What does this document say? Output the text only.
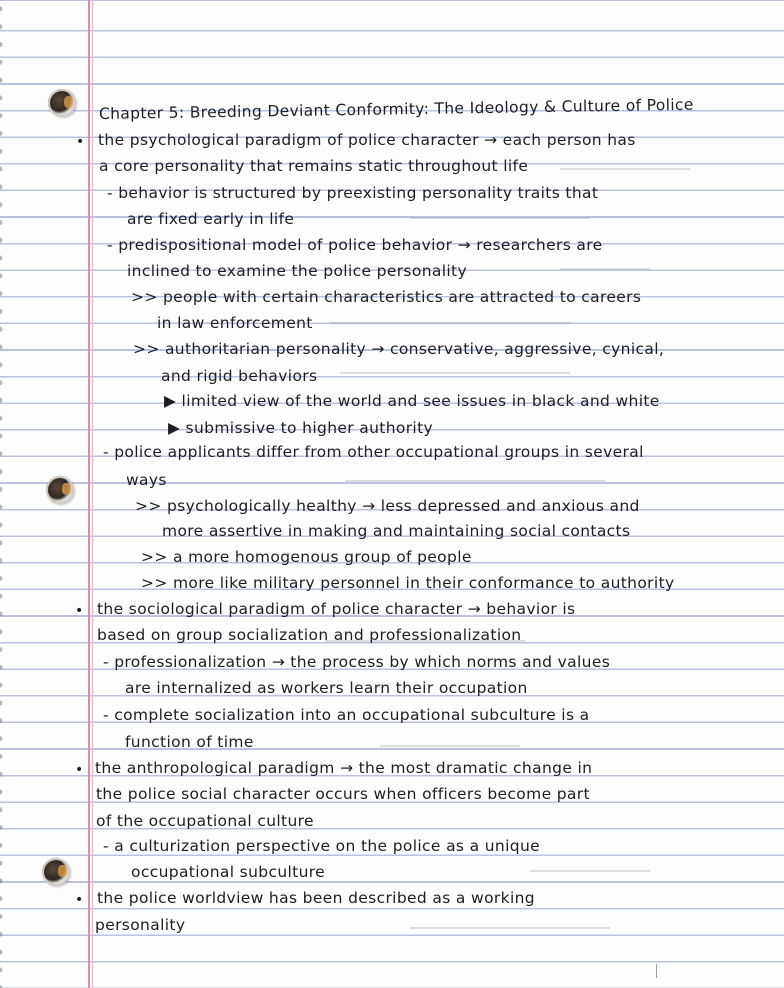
Chapter 5: Breeding Deviant Conformity: The Ideology & Culture of Police
• the psychological paradigm of police character → each person has
a core personality that remains static throughout life
- behavior is structured by preexisting personality traits that
are fixed early in life
- predispositional model of police behavior → researchers are
inclined to examine the police personality
>> people with certain characteristics are attracted to careers
in law enforcement
>> authoritarian personality → conservative, aggressive, cynical,
and rigid behaviors
▶ limited view of the world and see issues in black and white
▶ submissive to higher authority
- police applicants differ from other occupational groups in several
ways
>> psychologically healthy → less depressed and anxious and
more assertive in making and maintaining social contacts
>> a more homogenous group of people
>> more like military personnel in their conformance to authority
• the sociological paradigm of police character → behavior is
based on group socialization and professionalization
- professionalization → the process by which norms and values
are internalized as workers learn their occupation
- complete socialization into an occupational subculture is a
function of time
• the anthropological paradigm → the most dramatic change in
the police social character occurs when officers become part
of the occupational culture
- a culturization perspective on the police as a unique
occupational subculture
• the police worldview has been described as a working
personality
